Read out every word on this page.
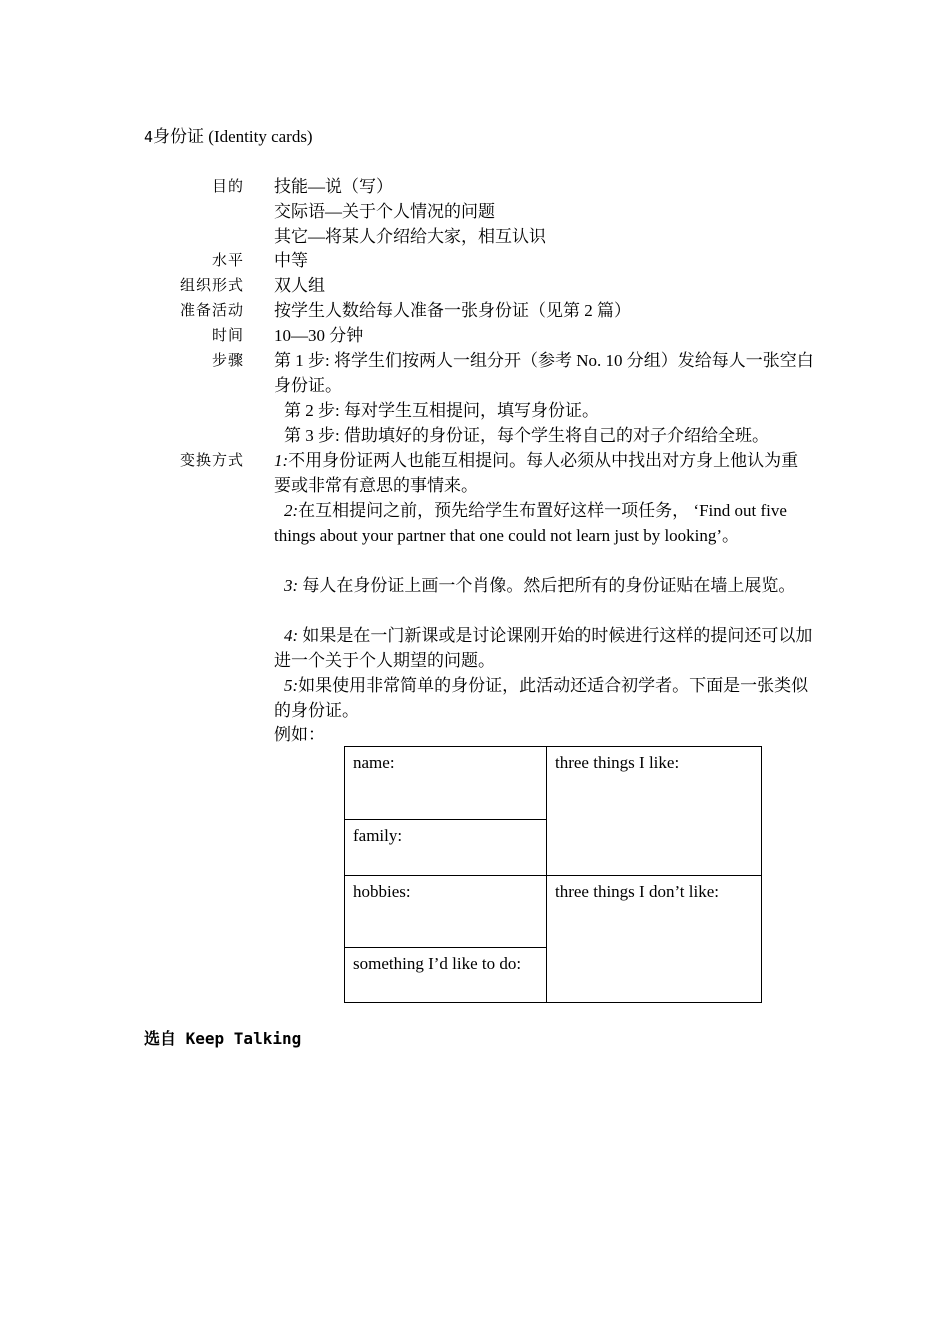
4身份证 (Identity cards)
目的 技能—说（写）
交际语—关于个人情况的问题
其它—将某人介绍给大家，相互认识
水平 中等
组织形式 双人组
准备活动 按学生人数给每人准备一张身份证（见第 2 篇）
时间 10—30 分钟
步骤 第 1 步: 将学生们按两人一组分开（参考 No. 10 分组）发给每人一张空白身份证。
第 2 步: 每对学生互相提问，填写身份证。
第 3 步: 借助填好的身份证，每个学生将自己的对子介绍给全班。
变换方式 1:不用身份证两人也能互相提问。每人必须从中找出对方身上他认为重要或非常有意思的事情来。
2:在互相提问之前，预先给学生布置好这样一项任务， ‘Find out five things about your partner that one could not learn just by looking’。
3: 每人在身份证上画一个肖像。然后把所有的身份证贴在墙上展览。
4: 如果是在一门新课或是讨论课刚开始的时候进行这样的提问还可以加进一个关于个人期望的问题。
5:如果使用非常简单的身份证，此活动还适合初学者。下面是一张类似的身份证。
例如：
name:	three things I like:
family:	
hobbies:	three things I don’t like:
something I’d like to do:	
选自 Keep Talking
